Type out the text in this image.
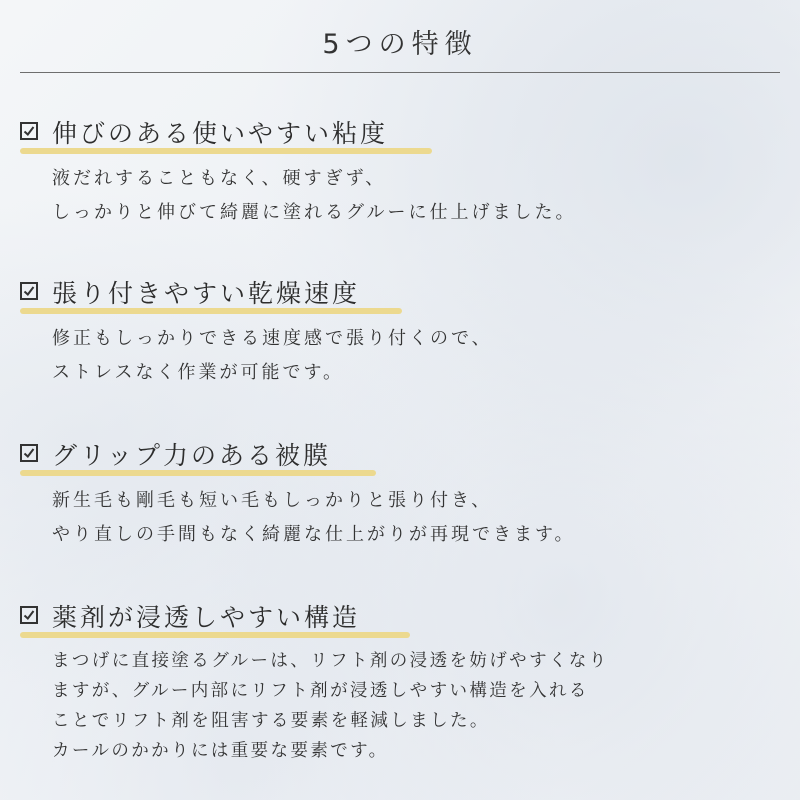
5つの特徴
伸びのある使いやすい粘度
液だれすることもなく、硬すぎず、
しっかりと伸びて綺麗に塗れるグルーに仕上げました。
張り付きやすい乾燥速度
修正もしっかりできる速度感で張り付くので、
ストレスなく作業が可能です。
グリップ力のある被膜
新生毛も剛毛も短い毛もしっかりと張り付き、
やり直しの手間もなく綺麗な仕上がりが再現できます。
薬剤が浸透しやすい構造
まつげに直接塗るグルーは、リフト剤の浸透を妨げやすくなり
ますが、グルー内部にリフト剤が浸透しやすい構造を入れる
ことでリフト剤を阻害する要素を軽減しました。
カールのかかりには重要な要素です。
